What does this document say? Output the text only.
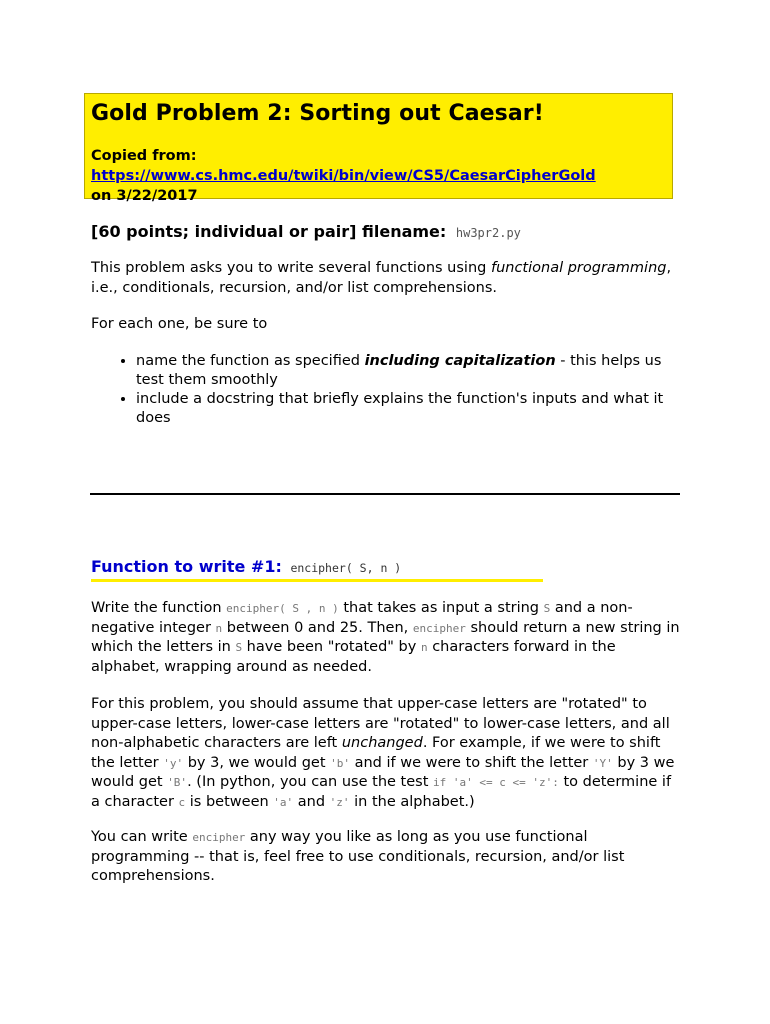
Gold Problem 2: Sorting out Caesar!
Copied from:
https://www.cs.hmc.edu/twiki/bin/view/CS5/CaesarCipherGold
on 3/22/2017
[60 points; individual or pair] filename: hw3pr2.py
This problem asks you to write several functions using functional programming, i.e., conditionals, recursion, and/or list comprehensions.
For each one, be sure to
• name the function as specified including capitalization - this helps us test them smoothly
• include a docstring that briefly explains the function's inputs and what it does
Function to write #1: encipher( S, n )
Write the function encipher( S , n ) that takes as input a string S and a non-negative integer n between 0 and 25. Then, encipher should return a new string in which the letters in S have been "rotated" by n characters forward in the alphabet, wrapping around as needed.
For this problem, you should assume that upper-case letters are "rotated" to upper-case letters, lower-case letters are "rotated" to lower-case letters, and all non-alphabetic characters are left unchanged. For example, if we were to shift the letter 'y' by 3, we would get 'b' and if we were to shift the letter 'Y' by 3 we would get 'B'. (In python, you can use the test if 'a' <= c <= 'z': to determine if a character c is between 'a' and 'z' in the alphabet.)
You can write encipher any way you like as long as you use functional programming -- that is, feel free to use conditionals, recursion, and/or list comprehensions.
